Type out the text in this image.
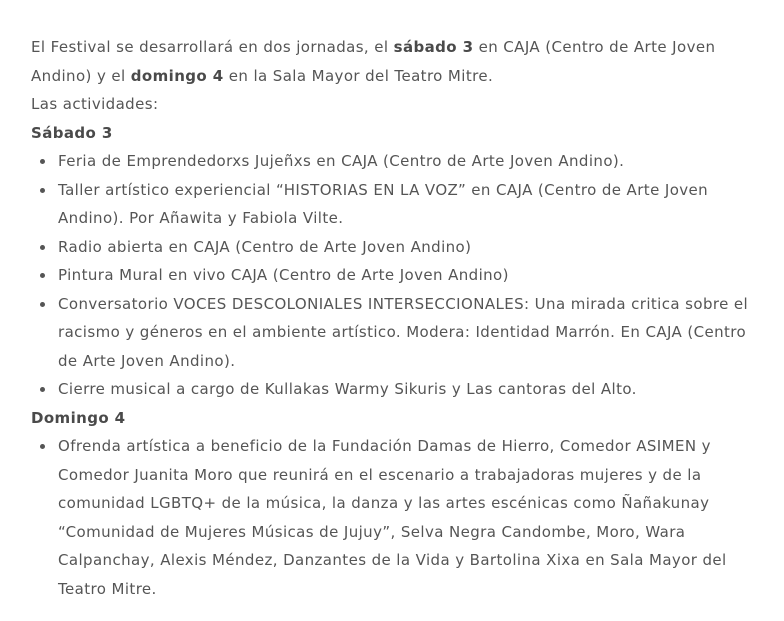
El Festival se desarrollará en dos jornadas, el sábado 3 en CAJA (Centro de Arte Joven Andino) y el domingo 4 en la Sala Mayor del Teatro Mitre.

Las actividades:

Sábado 3

Feria de Emprendedorxs Jujeñxs en CAJA (Centro de Arte Joven Andino).
Taller artístico experiencial “HISTORIAS EN LA VOZ” en CAJA (Centro de Arte Joven Andino). Por Añawita y Fabiola Vilte.
Radio abierta en CAJA (Centro de Arte Joven Andino)
Pintura Mural en vivo CAJA (Centro de Arte Joven Andino)
Conversatorio VOCES DESCOLONIALES INTERSECCIONALES: Una mirada critica sobre el racismo y géneros en el ambiente artístico. Modera: Identidad Marrón. En CAJA (Centro de Arte Joven Andino).
Cierre musical a cargo de Kullakas Warmy Sikuris y Las cantoras del Alto.

Domingo 4

Ofrenda artística a beneficio de la Fundación Damas de Hierro, Comedor ASIMEN y Comedor Juanita Moro que reunirá en el escenario a trabajadoras mujeres y de la comunidad LGBTQ+ de la música, la danza y las artes escénicas como Ñañakunay “Comunidad de Mujeres Músicas de Jujuy”, Selva Negra Candombe, Moro, Wara Calpanchay, Alexis Méndez, Danzantes de la Vida y Bartolina Xixa en Sala Mayor del Teatro Mitre.
